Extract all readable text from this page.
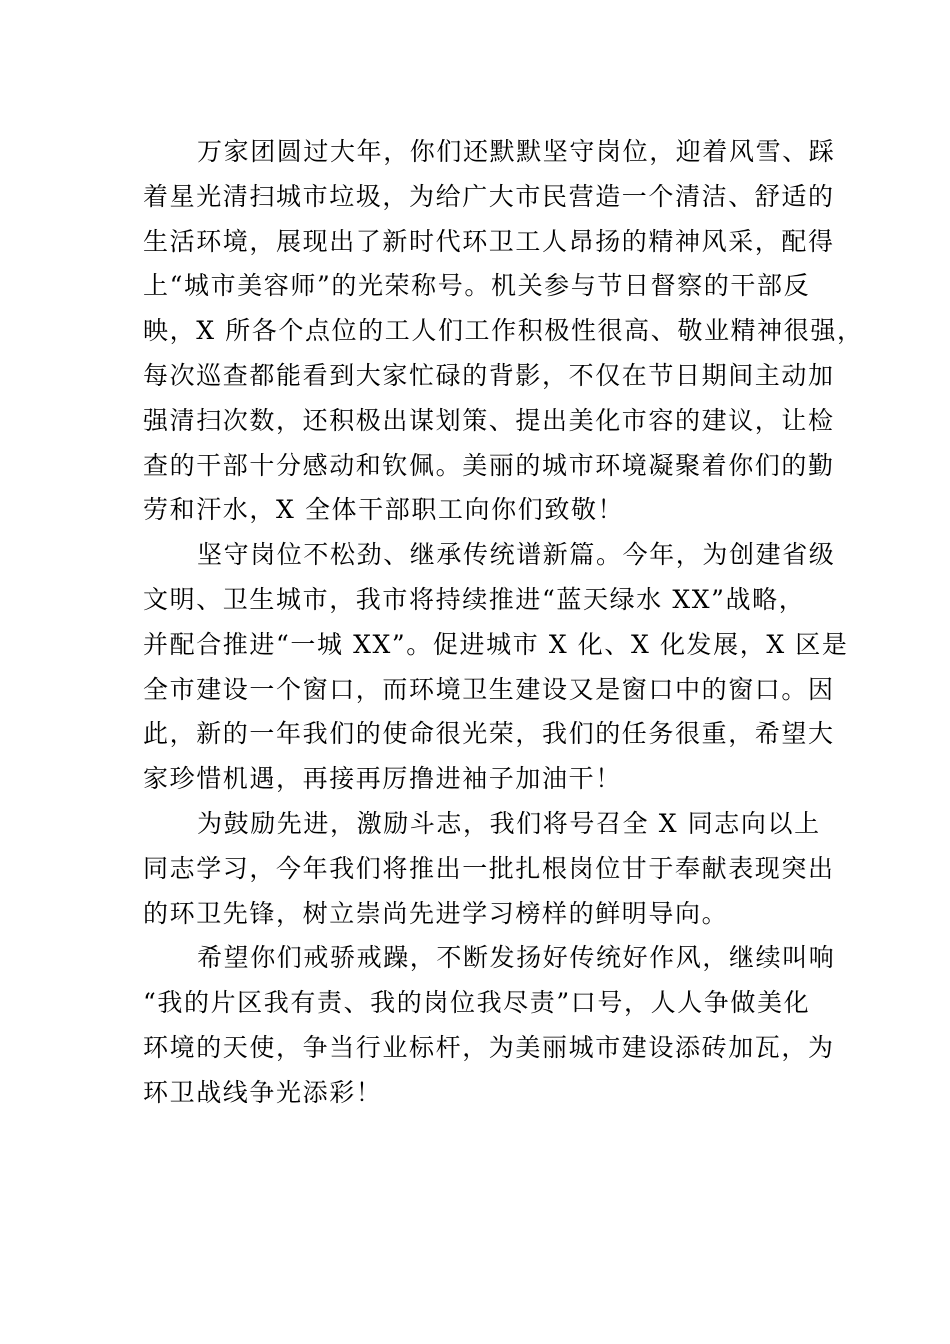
万家团圆过大年，你们还默默坚守岗位，迎着风雪、踩
着星光清扫城市垃圾，为给广大市民营造一个清洁、舒适的
生活环境，展现出了新时代环卫工人昂扬的精神风采，配得
上“城市美容师”的光荣称号。机关参与节日督察的干部反
映，X 所各个点位的工人们工作积极性很高、敬业精神很强，
每次巡查都能看到大家忙碌的背影，不仅在节日期间主动加
强清扫次数，还积极出谋划策、提出美化市容的建议，让检
查的干部十分感动和钦佩。美丽的城市环境凝聚着你们的勤
劳和汗水，X 全体干部职工向你们致敬！
坚守岗位不松劲、继承传统谱新篇。今年，为创建省级
文明、卫生城市，我市将持续推进“蓝天绿水 XX”战略，
并配合推进“一城 XX”。促进城市 X 化、X 化发展，X 区是
全市建设一个窗口，而环境卫生建设又是窗口中的窗口。因
此，新的一年我们的使命很光荣，我们的任务很重，希望大
家珍惜机遇，再接再厉撸进袖子加油干！
为鼓励先进，激励斗志，我们将号召全 X 同志向以上
同志学习，今年我们将推出一批扎根岗位甘于奉献表现突出
的环卫先锋，树立崇尚先进学习榜样的鲜明导向。
希望你们戒骄戒躁，不断发扬好传统好作风，继续叫响
“我的片区我有责、我的岗位我尽责”口号，人人争做美化
环境的天使，争当行业标杆，为美丽城市建设添砖加瓦，为
环卫战线争光添彩！
